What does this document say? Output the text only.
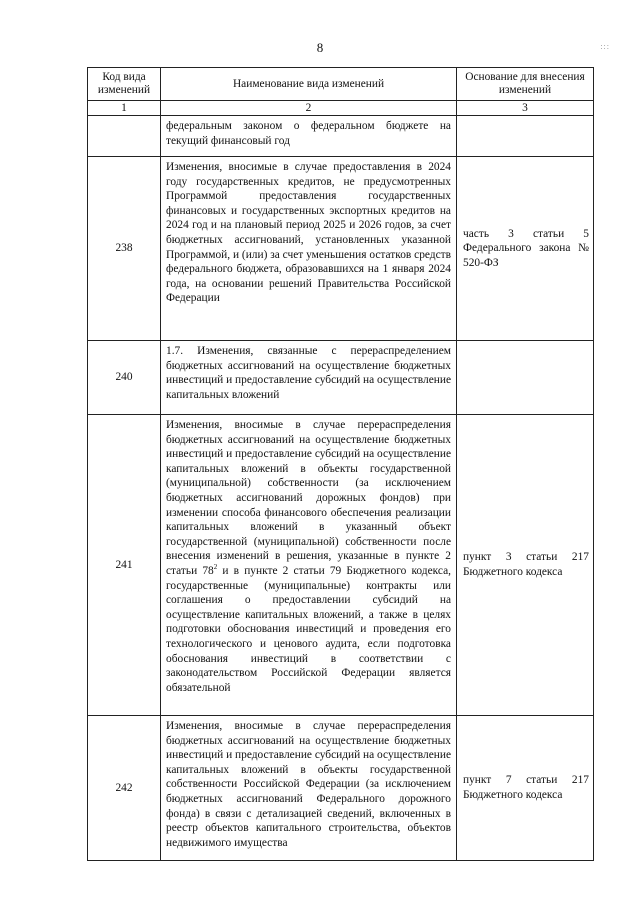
8	:::
Код вида изменений	Наименование вида изменений	Основание для внесения изменений
1	2	3
	федеральным законом о федеральном бюджете на текущий финансовый год	
238	Изменения, вносимые в случае предоставления в 2024 году государственных кредитов, не предусмотренных Программой предоставления государственных финансовых и государственных экспортных кредитов на 2024 год и на плановый период 2025 и 2026 годов, за счет бюджетных ассигнований, установленных указанной Программой, и (или) за счет уменьшения остатков средств федерального бюджета, образовавшихся на 1 января 2024 года, на основании решений Правительства Российской Федерации	часть 3 статьи 5 Федерального закона № 520-ФЗ
240	1.7. Изменения, связанные с перераспределением бюджетных ассигнований на осуществление бюджетных инвестиций и предоставление субсидий на осуществление капитальных вложений	
241	Изменения, вносимые в случае перераспределения бюджетных ассигнований на осуществление бюджетных инвестиций и предоставление субсидий на осуществление капитальных вложений в объекты государственной (муниципальной) собственности (за исключением бюджетных ассигнований дорожных фондов) при изменении способа финансового обеспечения реализации капитальных вложений в указанный объект государственной (муниципальной) собственности после внесения изменений в решения, указанные в пункте 2 статьи $78^2$ и в пункте 2 статьи 79 Бюджетного кодекса, государственные (муниципальные) контракты или соглашения о предоставлении субсидий на осуществление капитальных вложений, а также в целях подготовки обоснования инвестиций и проведения его технологического и ценового аудита, если подготовка обоснования инвестиций в соответствии с законодательством Российской Федерации является обязательной	пункт 3 статьи 217 Бюджетного кодекса
242	Изменения, вносимые в случае перераспределения бюджетных ассигнований на осуществление бюджетных инвестиций и предоставление субсидий на осуществление капитальных вложений в объекты государственной собственности Российской Федерации (за исключением бюджетных ассигнований Федерального дорожного фонда) в связи с детализацией сведений, включенных в реестр объектов капитального строительства, объектов недвижимого имущества	пункт 7 статьи 217 Бюджетного кодекса
